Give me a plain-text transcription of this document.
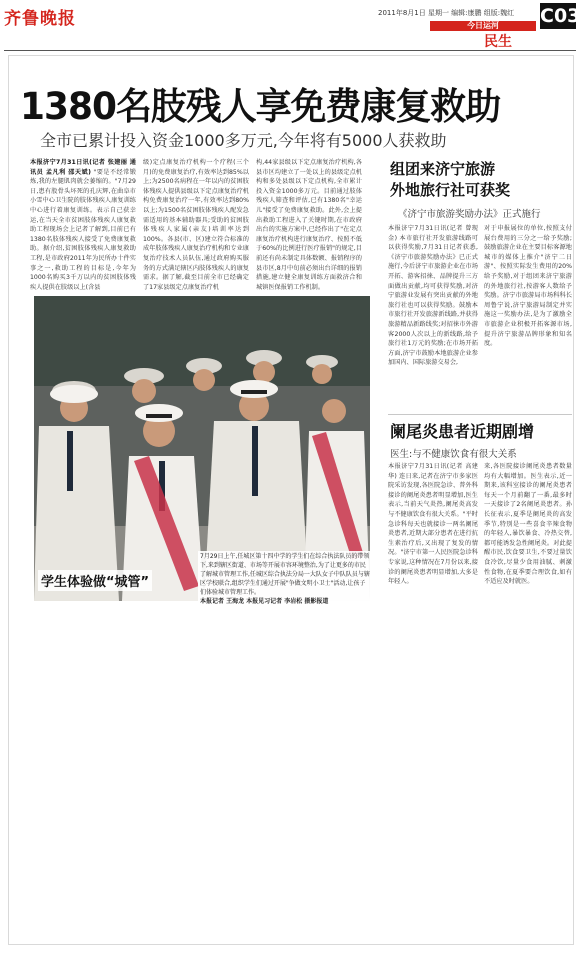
齐鲁晚报	2011年8月1日 星期一 编辑:康鹏 组版:魏红 C03
今日运河
民生
1380名肢残人享免费康复救助
全市已累计投入资金1000多万元,今年将有5000人获救助
本报济宁7月31日讯(记者 张建丽 通讯员 孟凡利 邵天斌) "要是不经常锻炼,我的左腿肌肉就会萎缩的。"7月29日,患有股骨头坏死的孔庆辉,在曲阜市小雪中心卫生院的肢体残疾人康复训练中心进行着康复训练。表示自己获幸运,在当天全市贫困肢体残疾人康复救助工程现场会上记者了解到,目前已有1380名肢体残疾人接受了免费康复救助。据介绍,贫困肢体残疾人康复救助工程,是市政府2011年为民所办十件实事之一,救助工程的目标是,今年为1000名购买3千万以内的贫困肢体残疾人提供在肢级以上(含县
级)定点康复治疗机构一个疗程(三个月)的免费康复治疗,有效率达到85%以上;为2500名病程在一年以内的贫困肢体残疾人提供县级以下定点康复治疗机构免费康复治疗一年,有效率达到80%以上;为1500名贫困肢体残疾人配发急需适用的基本辅助器具;受助的贫困肢体残疾人家属(亲友)培训率达到100%。各县(市、区)建立符合标准的成年肢体残疾人康复治疗机构和专业康复治疗技术人员队伍,通过政府购买服务的方式满足辖区内肢体残疾人的康复需求。据了解,截至目前全市已经确定了17家县级定点康复治疗机
构,44家县级以下定点康复治疗机构,各县市区均建立了一处以上的县级定点机构和多处县级以下定点机构,全市累计投入资金1000多万元。目前通过肢体残疾人筛查和评估,已有1380名"幸运儿"接受了免费康复救助。此外,会上提出救助工程进入了关键时期,在市政府出台的实施方案中,已经作出了"在定点康复治疗机构进行康复治疗、按照不低于60%的比例进行医疗报销"的规定,目前还有尚未制定具体数额、报销程序的县市区,8月中旬前必须出台详细的报销措施,建立健全康复训练方面救济合和城镇医保报销工作机制。
7月29日上午,任城区第十四中学的学生们在综合执法队员的带领下,来到辖区街道、市场等开展市容环境整治,为了让更多的市民了解城市管理工作,任城区综合执法分局一大队女子中队队员与辖区学校联合,组织学生们通过开展"争做文明小卫士"活动,让孩子们体验城市管理工作。
本报记者 王海龙 本报见习记者 李岩松 摄影报道
学生体验做“城管”
组团来济宁旅游
外地旅行社可获奖
《济宁市旅游奖励办法》正式施行
本报济宁7月31日讯(记者 曾现金) 本市旅行社开发旅游线路可以获得奖励,7月31日记者获悉,《济宁市旅游奖励办法》已正式施行,今后济宁市旅游企业在市场开拓、游客招徕、品牌提升三方面做出贡献,均可获得奖励,对济宁旅游业发展有突出贡献的外地旅行社也可以获得奖励。鼓励本市旅行社开发旅游新线路,并获得旅游精品新路线奖;对招徕市外游客2000人次以上的新线路,给予旅行社1万元的奖励;在市场开拓方面,济宁市鼓励本地旅游企业参加国内、国际旅游交易会,
对于申报展位的单位,按照支付展台费用的三分之一给予奖励;鼓励旅游企业在主要目标客源地城市的媒体上推介"济宁二日游"、按照实际发生费用的20%给予奖励,对于组团来济宁旅游的外地旅行社,按游客人数给予奖励。济宁市旅游局市场科科长周鲁宁说,济宁旅游局制定并实施这一奖励办法,是为了激励全市旅游企业积极开拓客源市场,提升济宁旅游品牌形象和知名度。
阑尾炎患者近期剧增
医生:与不健康饮食有很大关系
本报济宁7月31日讯(记者 高建华) 连日来,记者在济宁市多家医院采访发现,各医院急诊、普外科接诊的阑尾炎患者明显增加,医生表示,当前天气炎热,阑尾炎高发与不健康饮食有很大关系。"平时急诊科每天也就接诊一两名阑尾炎患者,近期大部分患者在进行抗生素治疗后,又出现了复发的情况。"济宁市第一人民医院急诊科专家说,这种情况在7月份以来,接诊的阑尾炎患者明显增加,大多是年轻人。
来,各医院接诊阑尾炎患者数量均有大幅增加。医生表示,近一期来,该科室接诊的阑尾炎患者每天一个月前翻了一番,最多时一天接诊了2名阑尾炎患者。孙长征表示,夏季是阑尾炎的高发季节,特别是一些喜食辛辣食物的年轻人,暴饮暴食、冷热交替,都可能诱发急性阑尾炎。对此提醒市民,饮食要卫生,不要过量饮食冷饮,尽量少食用油腻、刺激性食物,在夏季要合理饮食,如有不适应及时就医。
